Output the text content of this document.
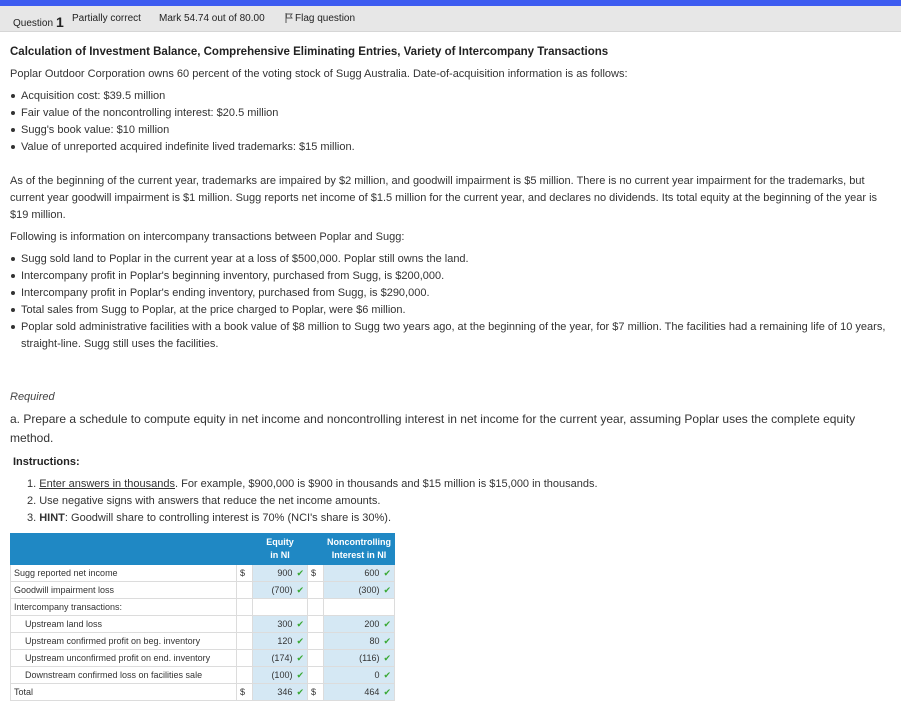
Question 1 Partially correct Mark 54.74 out of 80.00	Flag question
Calculation of Investment Balance, Comprehensive Eliminating Entries, Variety of Intercompany Transactions

Poplar Outdoor Corporation owns 60 percent of the voting stock of Sugg Australia. Date-of-acquisition information is as follows:

Acquisition cost: $39.5 million
Fair value of the noncontrolling interest: $20.5 million
Sugg's book value: $10 million
Value of unreported acquired indefinite lived trademarks: $15 million.

As of the beginning of the current year, trademarks are impaired by $2 million, and goodwill impairment is $5 million. There is no current year impairment for the trademarks, but current year goodwill impairment is $1 million. Sugg reports net income of $1.5 million for the current year, and declares no dividends. Its total equity at the beginning of the year is $19 million.

Following is information on intercompany transactions between Poplar and Sugg:

Sugg sold land to Poplar in the current year at a loss of $500,000. Poplar still owns the land.
Intercompany profit in Poplar's beginning inventory, purchased from Sugg, is $200,000.
Intercompany profit in Poplar's ending inventory, purchased from Sugg, is $290,000.
Total sales from Sugg to Poplar, at the price charged to Poplar, were $6 million.
Poplar sold administrative facilities with a book value of $8 million to Sugg two years ago, at the beginning of the year, for $7 million. The facilities had a remaining life of 10 years, straight-line. Sugg still uses the facilities.
Required
a. Prepare a schedule to compute equity in net income and noncontrolling interest in net income for the current year, assuming Poplar uses the complete equity method.
Instructions:
1. Enter answers in thousands. For example, $900,000 is $900 in thousands and $15 million is $15,000 in thousands.
2. Use negative signs with answers that reduce the net income amounts.
3. HINT: Goodwill share to controlling interest is 70% (NCI's share is 30%).
		Equity
in NI		Noncontrolling
Interest in NI
Sugg reported net income	$	900 ✔	$	600 ✔
Goodwill impairment loss		(700) ✔		(300) ✔
Intercompany transactions:				
Upstream land loss		300 ✔		200 ✔
Upstream confirmed profit on beg. inventory		120 ✔		80 ✔
Upstream unconfirmed profit on end. inventory		(174) ✔		(116) ✔
Downstream confirmed loss on facilities sale		(100) ✔		0 ✔
Total	$	346 ✔	$	464 ✔
